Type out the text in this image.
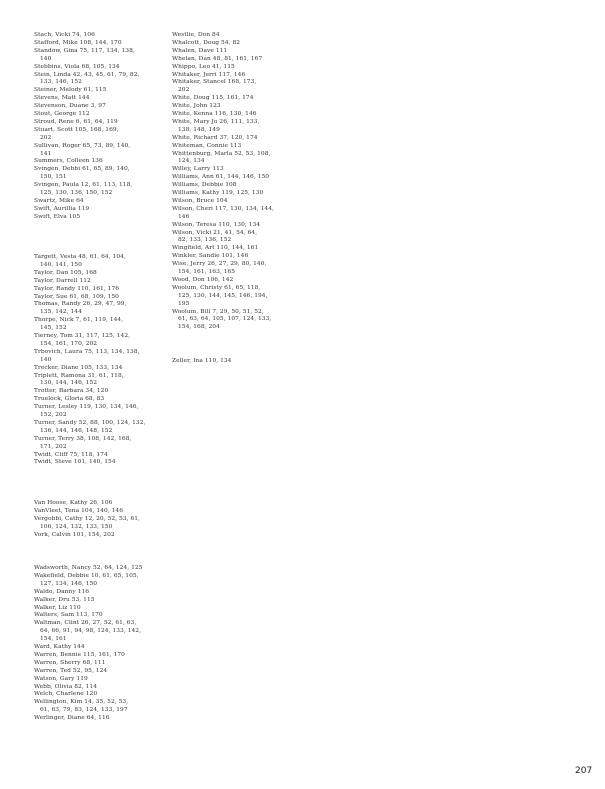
Stach, Vicki 74, 106
Stafford, Mike 108, 144, 170
Standow, Gina 75, 117, 134, 138,
140
Stebbins, Viola 68, 105, 134
Stein, Linda 42, 43, 45, 61, 79, 82,
133, 146, 152
Steiner, Melody 61, 115
Stevens, Matt 144
Stevenson, Duane 3, 97
Stout, George 112
Stroud, Rene 6, 61, 64, 119
Stuart, Scott 105, 168, 169,
202
Sullivan, Roger 65, 73, 89, 140,
141
Summers, Colleen 136
Svingen, Debbi 61, 65, 89, 140,
150, 151
Svingen, Paula 12, 61, 113, 118,
125, 130, 136, 150, 152
Swartz, Mike 64
Swift, Aurillia 119
Swift, Elva 105
Targett, Vesta 48, 61, 64, 104,
140, 141, 150
Taylor, Dan 105, 168
Taylor, Darrell 112
Taylor, Randy 110, 161, 176
Taylor, Sue 61, 68, 109, 150
Thomas, Randy 26, 29, 47, 99,
135, 142, 144
Thorpe, Nick 7, 61, 119, 144,
145, 152
Tierney, Tom 31, 117, 125, 142,
154, 161, 170, 202
Trbovich, Laura 75, 113, 134, 138,
140
Trecker, Diane 105, 133, 134
Triplett, Ramona 31, 61, 118,
130, 144, 146, 152
Trotter, Barbara 34, 120
Truelock, Gloria 68, 83
Turner, Lesley 119, 130, 134, 146,
152, 202
Turner, Sandy 52, 88, 100, 124, 132,
136, 144, 146, 148, 152
Turner, Terry 38, 108, 142, 168,
171, 202
Twidt, Cliff 75, 118, 174
Twidt, Steve 101, 140, 154
Van Hoose, Kathy 26, 106
VanVleet, Tena 104, 140, 146
Vergobbi, Cathy 12, 20, 52, 53, 61,
106, 124, 132, 133, 150
Vork, Calvin 101, 154, 202
Wadsworth, Nancy 52, 64, 124, 125
Wakefield, Debbie 10, 61, 65, 105,
127, 134, 146, 150
Waldo, Danny 116
Walker, Dru 53, 115
Walker, Liz 110
Walters, Sam 113, 170
Waltman, Clint 26, 27, 52, 61, 63,
64, 66, 91, 94, 98, 124, 133, 142,
154, 161
Ward, Kathy 144
Warren, Bennie 115, 161, 170
Warren, Sherry 68, 111
Warren, Ted 52, 95, 124
Watson, Gary 119
Webb, Olivia 82, 114
Welch, Charlene 120
Wellington, Kim 14, 35, 52, 53,
61, 63, 79, 83, 124, 133, 197
Werlinger, Diane 64, 116
Westlie, Don 84
Whalcott, Doug 54, 82
Whalen, Dave 111
Whelan, Dan 48, 81, 161, 167
Whippo, Leo 41, 115
Whitaker, Jerri 117, 146
Whitaker, Stancel 168, 173,
202
White, Doug 115, 161, 174
White, John 123
White, Kenna 116, 130, 146
White, Mary Jo 26, 111, 133,
138, 148, 149
White, Richard 37, 120, 174
Whiteman, Connie 113
Whittenburg, Marla 52, 53, 108,
124, 134
Willey, Larry 113
Williams, Ann 61, 144, 146, 150
Williams, Debbie 108
Williams, Kathy 119, 125, 130
Wilson, Bruce 104
Wilson, Cheri 117, 130, 134, 144,
146
Wilson, Teresa 110, 130, 134
Wilson, Vicki 21, 41, 54, 64,
82, 133, 136, 152
Wingfield, Art 110, 144, 161
Winkler, Sandie 101, 146
Wise, Jerry 26, 27, 29, 80, 140,
154, 161, 163, 165
Wood, Don 106, 142
Woolum, Christy 61, 65, 118,
125, 130, 144, 145, 146, 194,
195
Woolum, Bill 7, 29, 50, 51, 52,
61, 63, 64, 105, 107, 124, 133,
154, 168, 204
Zeller, Ina 110, 134
207
